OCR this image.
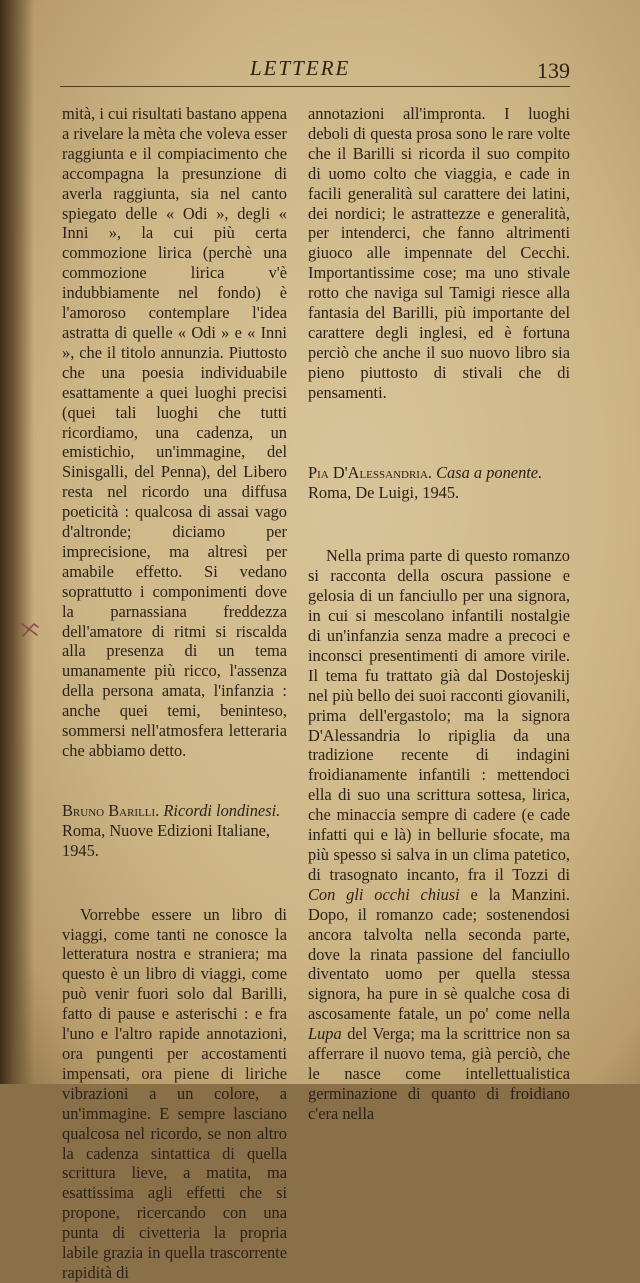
LETTERE	139

mità, i cui risultati bastano appena a rivelare la mèta che voleva esser raggiunta e il compiacimento che accompagna la presunzione di averla raggiunta, sia nel canto spiegato delle « Odi », degli « Inni », la cui più certa commozione lirica (perchè una commozione lirica v'è indubbiamente nel fondo) è l'amoroso contemplare l'idea astratta di quelle « Odi » e « Inni », che il titolo annunzia. Piuttosto che una poesia individuabile esattamente a quei luoghi precisi (quei tali luoghi che tutti ricordiamo, una cadenza, un emistichio, un'immagine, del Sinisgalli, del Penna), del Libero resta nel ricordo una diffusa poeticità : qualcosa di assai vago d'altronde; diciamo per imprecisione, ma altresì per amabile effetto. Si vedano soprattutto i componimenti dove la parnassiana freddezza dell'amatore di ritmi si riscalda alla presenza di un tema umanamente più ricco, l'assenza della persona amata, l'infanzia : anche quei temi, beninteso, sommersi nell'atmosfera letteraria che abbiamo detto.

Bruno Barilli. Ricordi londinesi. Roma, Nuove Edizioni Italiane, 1945.

Vorrebbe essere un libro di viaggi, come tanti ne conosce la letteratura nostra e straniera; ma questo è un libro di viaggi, come può venir fuori solo dal Barilli, fatto di pause e asterischi : e fra l'uno e l'altro rapide annotazioni, ora pungenti per accostamenti impensati, ora piene di liriche vibrazioni a un colore, a un'immagine. E sempre lasciano qualcosa nel ricordo, se non altro la cadenza sintattica di quella scrittura lieve, a matita, ma esattissima agli effetti che si propone, ricercando con una punta di civetteria la propria labile grazia in quella trascorrente rapidità di

annotazioni all'impronta. I luoghi deboli di questa prosa sono le rare volte che il Barilli si ricorda il suo compito di uomo colto che viaggia, e cade in facili generalità sul carattere dei latini, dei nordici; le astrattezze e generalità, per intenderci, che fanno altrimenti giuoco alle impennate del Cecchi. Importantissime cose; ma uno stivale rotto che naviga sul Tamigi riesce alla fantasia del Barilli, più importante del carattere degli inglesi, ed è fortuna perciò che anche il suo nuovo libro sia pieno piuttosto di stivali che di pensamenti.

Pia D'Alessandria. Casa a ponente. Roma, De Luigi, 1945.

Nella prima parte di questo romanzo si racconta della oscura passione e gelosia di un fanciullo per una signora, in cui si mescolano infantili nostalgie di un'infanzia senza madre a precoci e inconsci presentimenti di amore virile. Il tema fu trattato già dal Dostojeskij nel più bello dei suoi racconti giovanili, prima dell'ergastolo; ma la signora D'Alessandria lo ripiglia da una tradizione recente di indagini froidianamente infantili : mettendoci ella di suo una scrittura sottesa, lirica, che minaccia sempre di cadere (e cade infatti qui e là) in bellurie sfocate, ma più spesso si salva in un clima patetico, di trasognato incanto, fra il Tozzi di Con gli occhi chiusi e la Manzini. Dopo, il romanzo cade; sostenendosi ancora talvolta nella seconda parte, dove la rinata passione del fanciullo diventato uomo per quella stessa signora, ha pure in sè qualche cosa di ascosamente fatale, un po' come nella Lupa del Verga; ma la scrittrice non sa afferrare il nuovo tema, già perciò, che le nasce come intellettualistica germinazione di quanto di froidiano c'era nella
